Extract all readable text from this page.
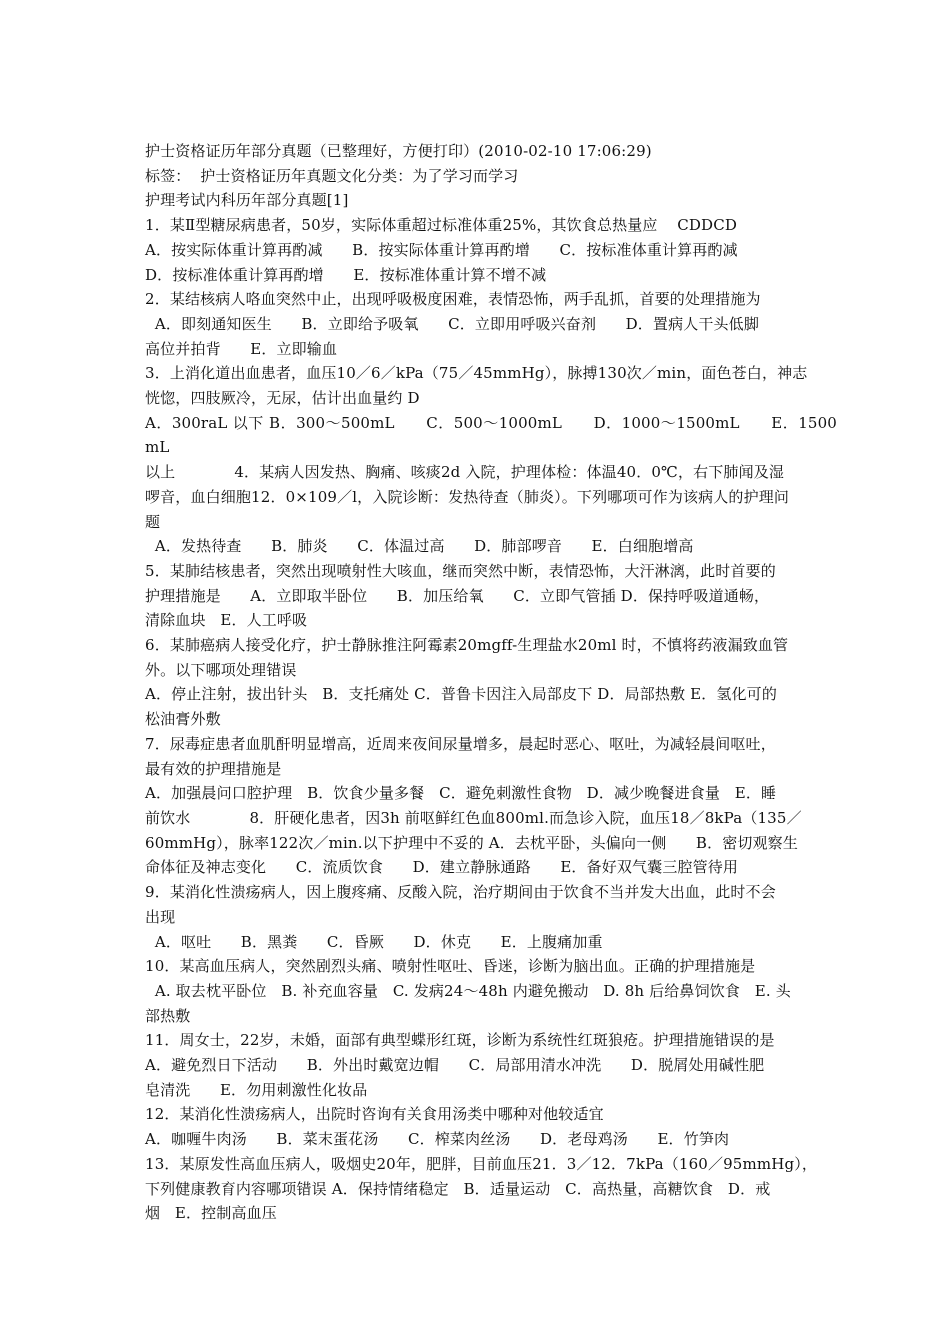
护士资格证历年部分真题（已整理好，方便打印）(2010-02-10 17:06:29)
标签：  护士资格证历年真题文化分类：为了学习而学习
护理考试内科历年部分真题[1]
1．某Ⅱ型糖尿病患者，50岁，实际体重超过标准体重25%，其饮食总热量应    CDDCD
A．按实际体重计算再酌减      B．按实际体重计算再酌增      C．按标准体重计算再酌减
D．按标准体重计算再酌增      E．按标准体重计算不增不减
2．某结核病人咯血突然中止，出现呼吸极度困难，表情恐怖，两手乱抓，首要的处理措施为
A．即刻通知医生      B．立即给予吸氧      C．立即用呼吸兴奋剂      D．置病人干头低脚
高位并拍背      E．立即输血
3．上消化道出血患者，血压10／6／kPa（75／45mmHg），脉搏130次／min，面色苍白，神志
恍惚，四肢厥冷，无尿，估计出血量约 D
A．300raL 以下 B．300～500mL      C．500～1000mL      D．1000～1500mL      E．1500mL
以上            4．某病人因发热、胸痛、咳痰2d 入院，护理体检：体温40．0℃，右下肺闻及湿
啰音，血白细胞12．0×109／l，入院诊断：发热待查（肺炎）。下列哪项可作为该病人的护理问
题
A．发热待查      B．肺炎      C．体温过高      D．肺部啰音      E．白细胞增高
5．某肺结核患者，突然出现喷射性大咳血，继而突然中断，表情恐怖，大汗淋漓，此时首要的
护理措施是      A．立即取半卧位      B．加压给氧      C．立即气管插 D．保持呼吸道通畅，
清除血块   E．人工呼吸
6．某肺癌病人接受化疗，护士静脉推注阿霉素20mgff-生理盐水20ml 时，不慎将药液漏致血管
外。以下哪项处理错误
A．停止注射，拔出针头   B．支托痛处 C．普鲁卡因注入局部皮下 D．局部热敷 E．氢化可的
松油膏外敷
7．尿毒症患者血肌酐明显增高，近周来夜间尿量增多，晨起时恶心、呕吐，为减轻晨间呕吐，
最有效的护理措施是
A．加强晨问口腔护理   B．饮食少量多餐   C．避免刺激性食物   D．减少晚餐进食量   E．睡
前饮水            8．肝硬化患者，因3h 前呕鲜红色血800ml.而急诊入院，血压18／8kPa（135／
60mmHg），脉率122次／min.以下护理中不妥的 A．去枕平卧，头偏向一侧      B．密切观察生
命体征及神志变化      C．流质饮食      D．建立静脉通路      E．备好双气囊三腔管待用
9．某消化性溃疡病人，因上腹疼痛、反酸入院，治疗期间由于饮食不当并发大出血，此时不会
出现
A．呕吐      B．黑粪      C．昏厥      D．休克      E．上腹痛加重
10．某高血压病人，突然剧烈头痛、喷射性呕吐、昏迷，诊断为脑出血。正确的护理措施是
A. 取去枕平卧位   B. 补充血容量   C. 发病24～48h 内避免搬动   D. 8h 后给鼻饲饮食   E. 头
部热敷
11．周女士，22岁，未婚，面部有典型蝶形红斑，诊断为系统性红斑狼疮。护理措施错误的是
A．避免烈日下活动      B．外出时戴宽边帽      C．局部用清水冲洗      D．脱屑处用碱性肥
皂清洗      E．勿用刺激性化妆品
12．某消化性溃疡病人，出院时咨询有关食用汤类中哪种对他较适宜
A．咖喱牛肉汤      B．菜末蛋花汤      C．榨菜肉丝汤      D．老母鸡汤      E．竹笋肉
13．某原发性高血压病人，吸烟史20年，肥胖，目前血压21．3／12．7kPa（160／95mmHg），
下列健康教育内容哪项错误 A．保持情绪稳定   B．适量运动   C．高热量，高糖饮食   D．戒
烟   E．控制高血压
